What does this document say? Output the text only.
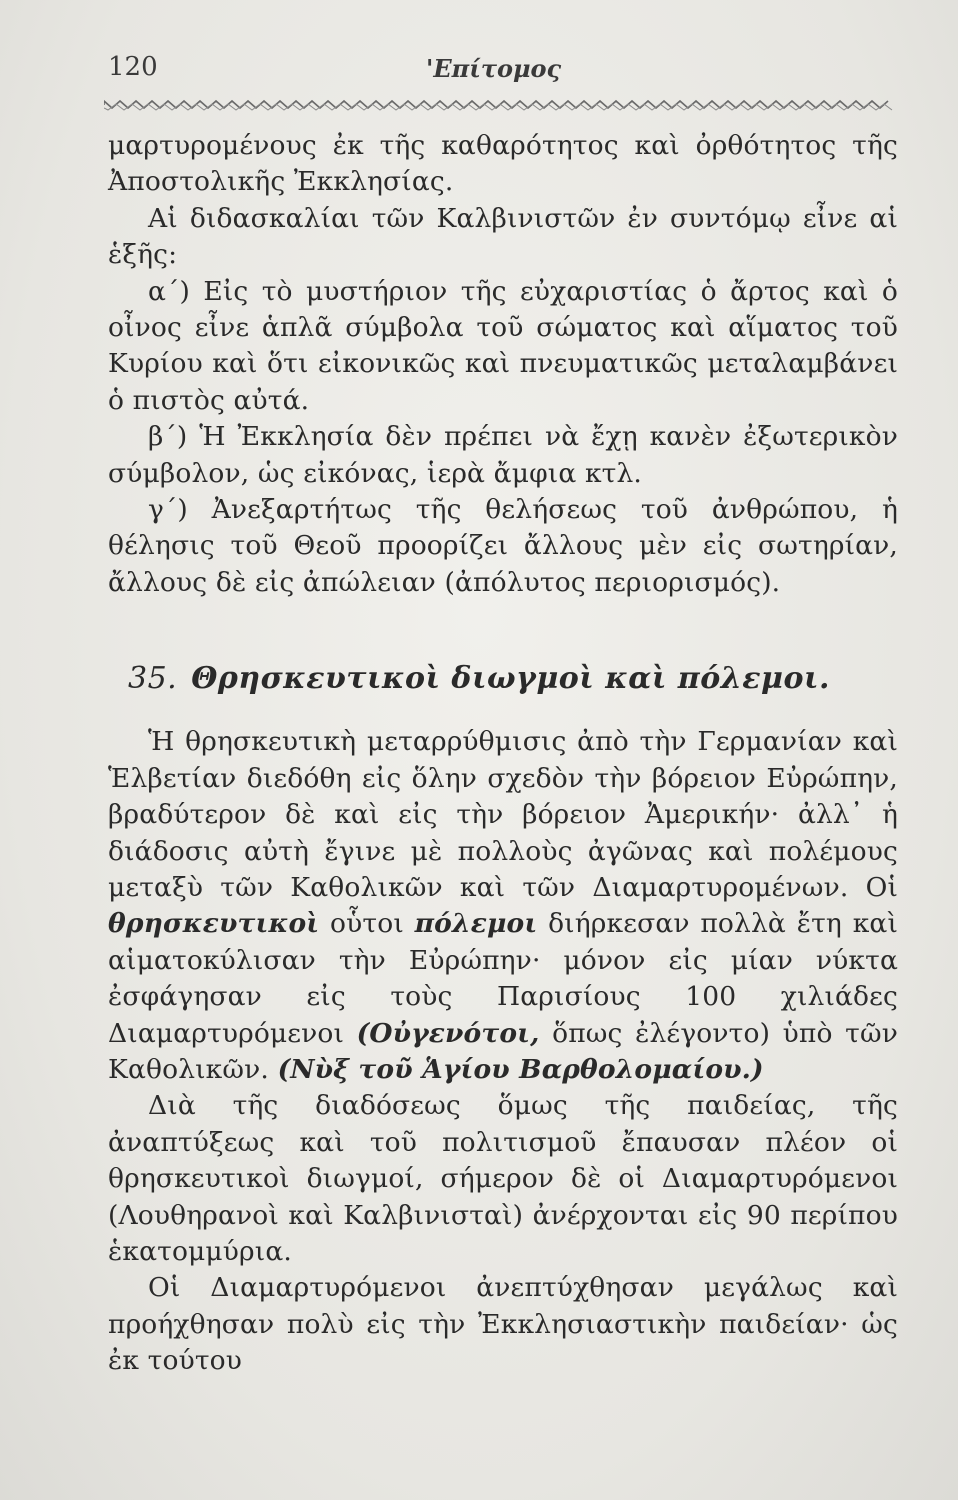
120	'Επίτομος

μαρτυρομένους ἐκ τῆς καθαρότητος καὶ ὀρθότητος τῆς Ἀποστολικῆς Ἐκκλησίας.

Αἱ διδασκαλίαι τῶν Καλβινιστῶν ἐν συντόμῳ εἶνε αἱ ἑξῆς:

α΄) Εἰς τὸ μυστήριον τῆς εὐχαριστίας ὁ ἄρτος καὶ ὁ οἶνος εἶνε ἁπλᾶ σύμβολα τοῦ σώματος καὶ αἵματος τοῦ Κυρίου καὶ ὅτι εἰκονικῶς καὶ πνευματικῶς μεταλαμβάνει ὁ πιστὸς αὐτά.

β΄) Ἡ Ἐκκλησία δὲν πρέπει νὰ ἔχῃ κανὲν ἐξωτερικὸν σύμβολον, ὡς εἰκόνας, ἱερὰ ἄμφια κτλ.

γ΄) Ἀνεξαρτήτως τῆς θελήσεως τοῦ ἀνθρώπου, ἡ θέλησις τοῦ Θεοῦ προορίζει ἄλλους μὲν εἰς σωτηρίαν, ἄλλους δὲ εἰς ἀπώλειαν (ἀπόλυτος περιορισμός).

35. Θρησκευτικοὶ διωγμοὶ καὶ πόλεμοι.

Ἡ θρησκευτικὴ μεταρρύθμισις ἀπὸ τὴν Γερμανίαν καὶ Ἑλβετίαν διεδόθη εἰς ὅλην σχεδὸν τὴν βόρειον Εὐρώπην, βραδύτερον δὲ καὶ εἰς τὴν βόρειον Ἀμερικήν· ἀλλ᾿ ἡ διάδοσις αὐτὴ ἔγινε μὲ πολλοὺς ἀγῶνας καὶ πολέμους μεταξὺ τῶν Καθολικῶν καὶ τῶν Διαμαρτυρομένων. Οἱ θρησκευτικοὶ οὗτοι πόλεμοι διήρκεσαν πολλὰ ἔτη καὶ αἱματοκύλισαν τὴν Εὐρώπην· μόνον εἰς μίαν νύκτα ἐσφάγησαν εἰς τοὺς Παρισίους 100 χιλιάδες Διαμαρτυρόμενοι (Οὐγενότοι, ὅπως ἐλέγοντο) ὑπὸ τῶν Καθολικῶν. (Νὺξ τοῦ Ἁγίου Βαρθολομαίου.)

Διὰ τῆς διαδόσεως ὅμως τῆς παιδείας, τῆς ἀναπτύξεως καὶ τοῦ πολιτισμοῦ ἔπαυσαν πλέον οἱ θρησκευτικοὶ διωγμοί, σήμερον δὲ οἱ Διαμαρτυρόμενοι (Λουθηρανοὶ καὶ Καλβινισταὶ) ἀνέρχονται εἰς 90 περίπου ἑκατομμύρια.

Οἱ Διαμαρτυρόμενοι ἀνεπτύχθησαν μεγάλως καὶ προήχθησαν πολὺ εἰς τὴν Ἐκκλησιαστικὴν παιδείαν· ὡς ἐκ τούτου
